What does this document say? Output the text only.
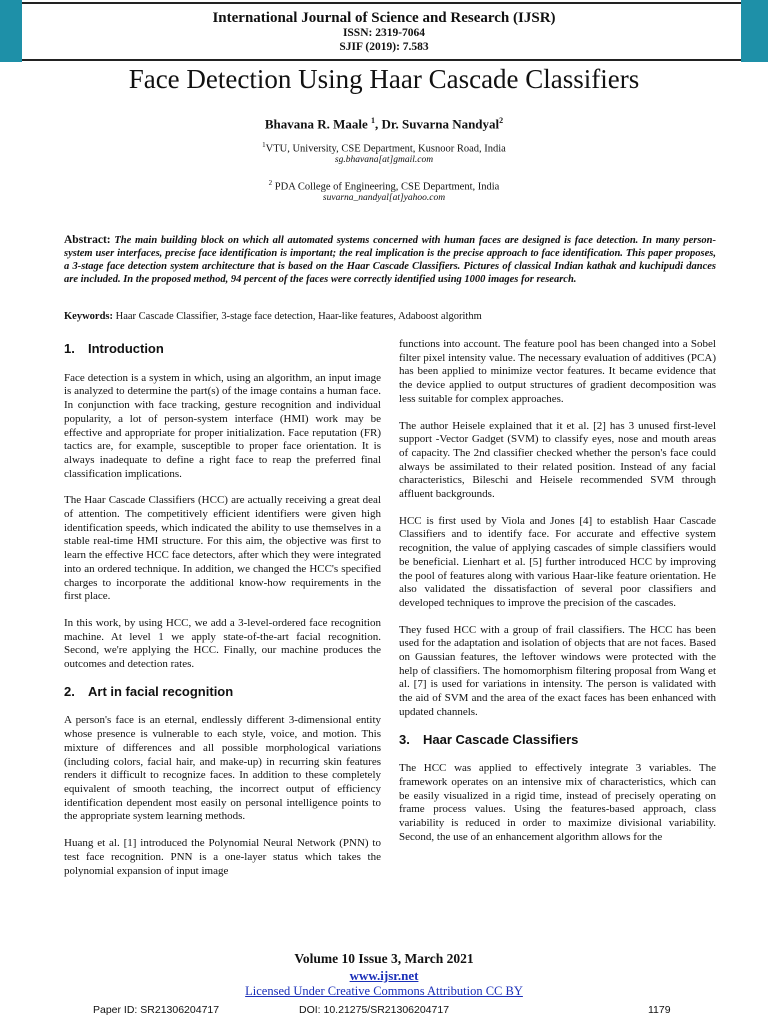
International Journal of Science and Research (IJSR)
ISSN: 2319-7064
SJIF (2019): 7.583
Face Detection Using Haar Cascade Classifiers
Bhavana R. Maale $^1$, Dr. Suvarna Nandyal$^2$
$^1$VTU, University, CSE Department, Kusnoor Road, India
sg.bhavana[at]gmail.com
$^2$ PDA College of Engineering, CSE Department, India
suvarna_nandyal[at]yahoo.com
Abstract: The main building block on which all automated systems concerned with human faces are designed is face detection. In many person-system user interfaces, precise face identification is important; the real implication is the precise approach to face identification. This paper proposes, a 3-stage face detection system architecture that is based on the Haar Cascade Classifiers. Pictures of classical Indian kathak and kuchipudi dances are included. In the proposed method, 94 percent of the faces were correctly identified using 1000 images for research.
Keywords: Haar Cascade Classifier, 3-stage face detection, Haar-like features, Adaboost algorithm
1. Introduction

Face detection is a system in which, using an algorithm, an input image is analyzed to determine the part(s) of the image contains a human face. In conjunction with face tracking, gesture recognition and individual popularity, a lot of person-system interface (HMI) work may be effective and appropriate for proper initialization. Face reputation (FR) tactics are, for example, susceptible to proper face orientation. It is always inadequate to define a right face to reap the preferred final classification implications.

The Haar Cascade Classifiers (HCC) are actually receiving a great deal of attention. The competitively efficient identifiers were given high identification speeds, which indicated the ability to use themselves in a stable real-time HMI structure. For this aim, the objective was first to learn the effective HCC face detectors, after which they were integrated into an ordered technique. In addition, we changed the HCC's specified charges to incorporate the additional know-how requirements in the first place.

In this work, by using HCC, we add a 3-level-ordered face recognition machine. At level 1 we apply state-of-the-art facial recognition. Second, we're applying the HCC. Finally, our machine produces the outcomes and detection rates.

2. Art in facial recognition

A person's face is an eternal, endlessly different 3-dimensional entity whose presence is vulnerable to each style, voice, and motion. This mixture of differences and all possible morphological variations (including colors, facial hair, and make-up) in recurring skin features renders it difficult to recognize faces. In addition to these completely equivalent of smooth teaching, the incorrect output of efficiency identification dependent most easily on personal intelligence points to the appropriate system learning methods.

Huang et al. [1] introduced the Polynomial Neural Network (PNN) to test face recognition. PNN is a one-layer status which takes the polynomial expansion of input image

functions into account. The feature pool has been changed into a Sobel filter pixel intensity value. The necessary evaluation of additives (PCA) has been applied to minimize vector features. It became evidence that the device applied to output structures of gradient decomposition was less suitable for complex approaches.

The author Heisele explained that it et al. [2] has 3 unused first-level support -Vector Gadget (SVM) to classify eyes, nose and mouth areas of capacity. The 2nd classifier checked whether the person's face could always be assimilated to their related position. Instead of any facial characteristics, Bileschi and Heisele recommended SVM through affluent backgrounds.

HCC is first used by Viola and Jones [4] to establish Haar Cascade Classifiers and to identify face. For accurate and effective system recognition, the value of applying cascades of simple classifiers would be beneficial. Lienhart et al. [5] further introduced HCC by improving the pool of features along with various Haar-like feature orientation. He also validated the dissatisfaction of several poor classifiers and developed techniques to improve the precision of the cascades.

They fused HCC with a group of frail classifiers. The HCC has been used for the adaptation and isolation of objects that are not faces. Based on Gaussian features, the leftover windows were protected with the help of classifiers. The homomorphism filtering proposal from Wang et al. [7] is used for variations in intensity. The person is validated with the aid of SVM and the area of the exact faces has been enhanced with updated channels.

3. Haar Cascade Classifiers

The HCC was applied to effectively integrate 3 variables. The framework operates on an intensive mix of characteristics, which can be easily visualized in a rigid time, instead of precisely operating on frame process values. Using the features-based approach, class variability is reduced in order to maximize divisional variability. Second, the use of an enhancement algorithm allows for the

Volume 10 Issue 3, March 2021
www.ijsr.net
Licensed Under Creative Commons Attribution CC BY
Paper ID: SR21306204717	DOI: 10.21275/SR21306204717	1179
